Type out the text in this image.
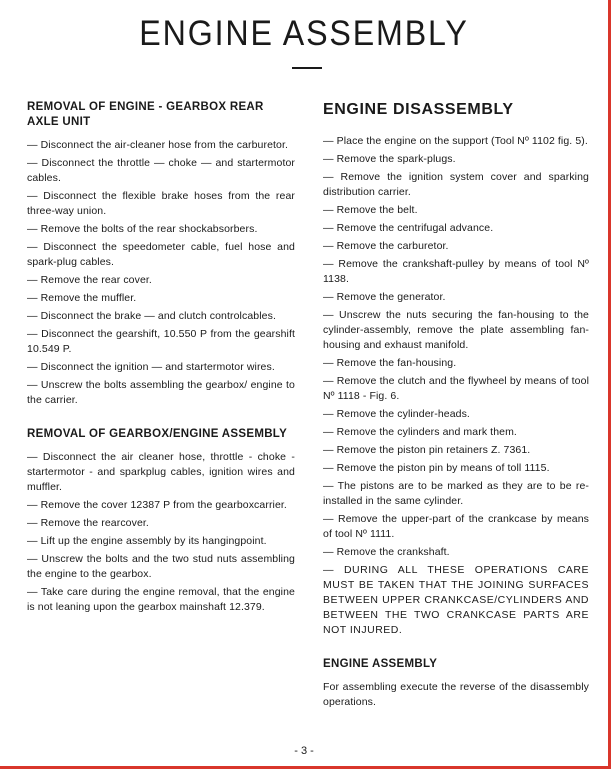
ENGINE ASSEMBLY

REMOVAL OF ENGINE - GEARBOX REAR AXLE UNIT

— Disconnect the air-cleaner hose from the carburetor.

— Disconnect the throttle — choke — and startermotor cables.

— Disconnect the flexible brake hoses from the rear three-way union.

— Remove the bolts of the rear shockabsorbers.

— Disconnect the speedometer cable, fuel hose and spark-plug cables.

— Remove the rear cover.

— Remove the muffler.

— Disconnect the brake — and clutch controlcables.

— Disconnect the gearshift, 10.550 P from the gearshift 10.549 P.

— Disconnect the ignition — and startermotor wires.

— Unscrew the bolts assembling the gearbox/ engine to the carrier.

REMOVAL OF GEARBOX/ENGINE ASSEMBLY

— Disconnect the air cleaner hose, throttle - choke - startermotor - and sparkplug cables, ignition wires and muffler.

— Remove the cover 12387 P from the gearboxcarrier.

— Remove the rearcover.

— Lift up the engine assembly by its hangingpoint.

— Unscrew the bolts and the two stud nuts assembling the engine to the gearbox.

— Take care during the engine removal, that the engine is not leaning upon the gearbox mainshaft 12.379.

ENGINE DISASSEMBLY

— Place the engine on the support (Tool Nº 1102 fig. 5).

— Remove the spark-plugs.

— Remove the ignition system cover and sparking distribution carrier.

— Remove the belt.

— Remove the centrifugal advance.

— Remove the carburetor.

— Remove the crankshaft-pulley by means of tool Nº 1138.

— Remove the generator.

— Unscrew the nuts securing the fan-housing to the cylinder-assembly, remove the plate assembling fan-housing and exhaust manifold.

— Remove the fan-housing.

— Remove the clutch and the flywheel by means of tool Nº 1118 - Fig. 6.

— Remove the cylinder-heads.

— Remove the cylinders and mark them.

— Remove the piston pin retainers Z. 7361.

— Remove the piston pin by means of toll 1115.

— The pistons are to be marked as they are to be re-installed in the same cylinder.

— Remove the upper-part of the crankcase by means of tool Nº 1111.

— Remove the crankshaft.

— DURING ALL THESE OPERATIONS CARE MUST BE TAKEN THAT THE JOINING SURFACES BETWEEN UPPER CRANKCASE/CYLINDERS AND BETWEEN THE TWO CRANKCASE PARTS ARE NOT INJURED.

ENGINE ASSEMBLY

For assembling execute the reverse of the disassembly operations.

- 3 -
